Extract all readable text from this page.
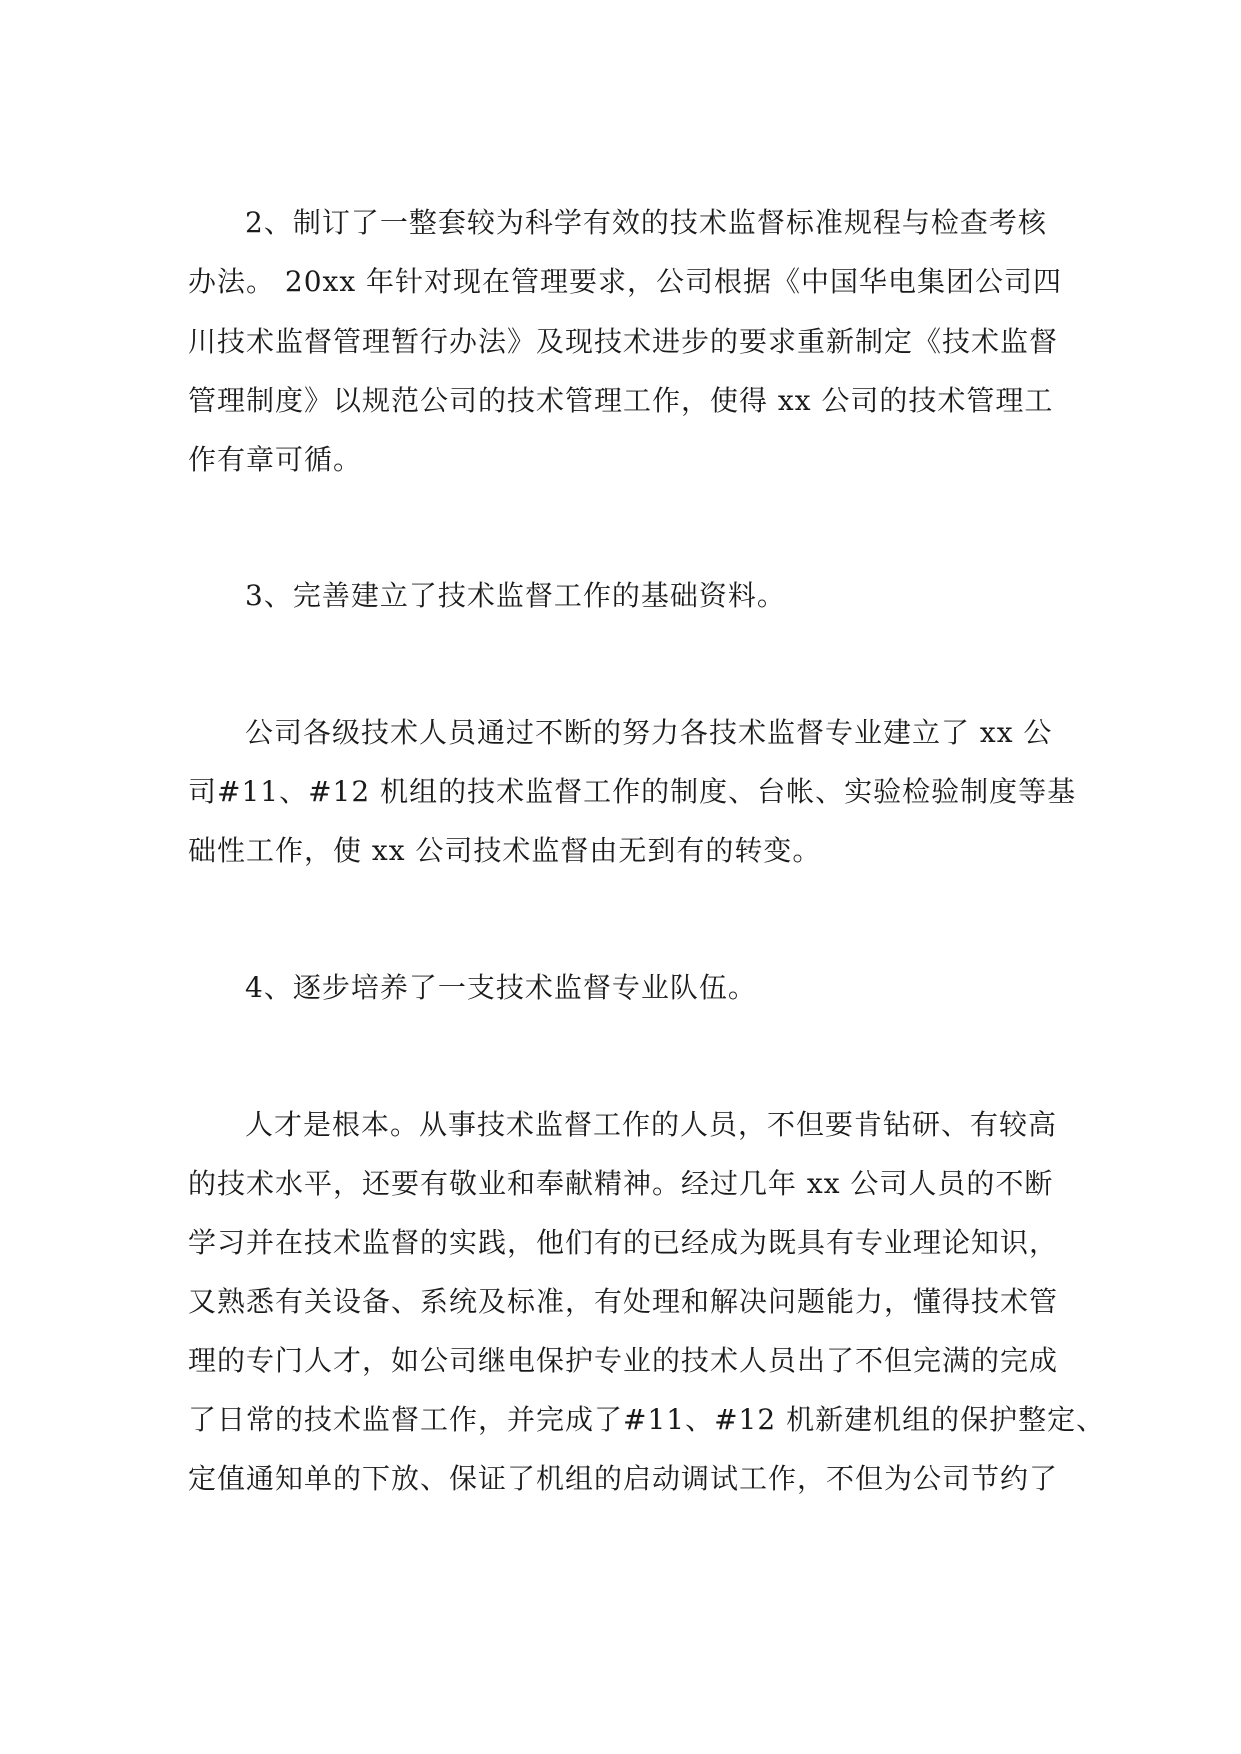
2、制订了一整套较为科学有效的技术监督标准规程与检查考核
办法。 20xx 年针对现在管理要求，公司根据《中国华电集团公司四
川技术监督管理暂行办法》及现技术进步的要求重新制定《技术监督
管理制度》以规范公司的技术管理工作，使得 xx 公司的技术管理工
作有章可循。
3、完善建立了技术监督工作的基础资料。
公司各级技术人员通过不断的努力各技术监督专业建立了 xx 公
司#11、#12 机组的技术监督工作的制度、台帐、实验检验制度等基
础性工作，使 xx 公司技术监督由无到有的转变。
4、逐步培养了一支技术监督专业队伍。
人才是根本。从事技术监督工作的人员，不但要肯钻研、有较高
的技术水平，还要有敬业和奉献精神。经过几年 xx 公司人员的不断
学习并在技术监督的实践，他们有的已经成为既具有专业理论知识，
又熟悉有关设备、系统及标准，有处理和解决问题能力，懂得技术管
理的专门人才，如公司继电保护专业的技术人员出了不但完满的完成
了日常的技术监督工作，并完成了#11、#12 机新建机组的保护整定、
定值通知单的下放、保证了机组的启动调试工作，不但为公司节约了
